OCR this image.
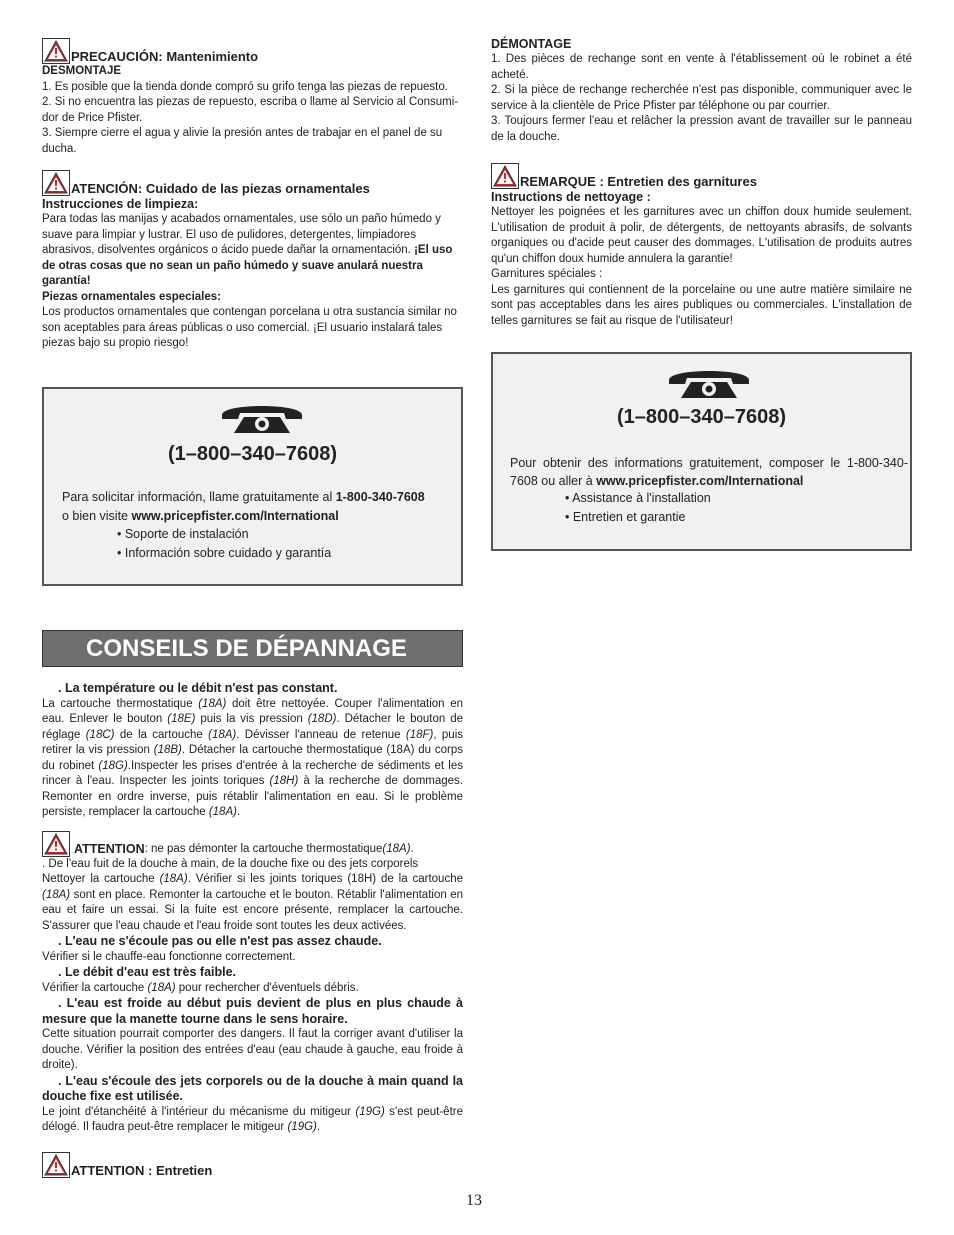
PRECAUCIÓN: Mantenimiento

DESMONTAJE

1. Es posible que la tienda donde compró su grifo tenga las piezas de repuesto.

2. Si no encuentra las piezas de repuesto, escriba o llame al Servicio al Consumi-dor de Price Pfister.

3. Siempre cierre el agua y alivie la presión antes de trabajar en el panel de su ducha.

ATENCIÓN: Cuidado de las piezas ornamentales

Instrucciones de limpieza:

Para todas las manijas y acabados ornamentales, use sólo un paño húmedo y suave para limpiar y lustrar. El uso de pulidores, detergentes, limpiadores abrasivos, disolventes orgánicos o ácido puede dañar la ornamentación. ¡El uso de otras cosas que no sean un paño húmedo y suave anulará nuestra garantía!

Piezas ornamentales especiales:

Los productos ornamentales que contengan porcelana u otra sustancia similar no son aceptables para áreas públicas o uso comercial. ¡El usuario instalará tales piezas bajo su propio riesgo!

(1–800–340–7608)
Para solicitar información, llame gratuitamente al 1-800-340-7608
o bien visite www.pricepfister.com/International
• Soporte de instalación
• Información sobre cuidado y garantía

DÉMONTAGE

1. Des pièces de rechange sont en vente à l'établissement où le robinet a été acheté.

2. Si la pièce de rechange recherchée n'est pas disponible, communiquer avec le service à la clientèle de Price Pfister par téléphone ou par courrier.

3. Toujours fermer l'eau et relâcher la pression avant de travailler sur le panneau de la douche.

REMARQUE : Entretien des garnitures

Instructions de nettoyage :

Nettoyer les poignées et les garnitures avec un chiffon doux humide seulement. L'utilisation de produit à polir, de détergents, de nettoyants abrasifs, de solvants organiques ou d'acide peut causer des dommages. L'utilisation de produits autres qu'un chiffon doux humide annulera la garantie!

Garnitures spéciales :

Les garnitures qui contiennent de la porcelaine ou une autre matière similaire ne sont pas acceptables dans les aires publiques ou commerciales. L'installation de telles garnitures se fait au risque de l'utilisateur!

(1–800–340–7608)
Pour obtenir des informations gratuitement, composer le 1-800-340-7608 ou aller à www.pricepfister.com/International
• Assistance à l'installation
• Entretien et garantie
CONSEILS DE DÉPANNAGE

. La température ou le débit n'est pas constant.

La cartouche thermostatique (18A) doit être nettoyée. Couper l'alimentation en eau. Enlever le bouton (18E) puis la vis pression (18D). Détacher le bouton de réglage (18C) de la cartouche (18A). Dévisser l'anneau de retenue (18F), puis retirer la vis pression (18B). Détacher la cartouche thermostatique (18A) du corps du robinet (18G).Inspecter les prises d'entrée à la recherche de sédiments et les rincer à l'eau. Inspecter les joints toriques (18H) à la recherche de dommages. Remonter en ordre inverse, puis rétablir l'alimentation en eau. Si le problème persiste, remplacer la cartouche (18A).

ATTENTION : ne pas démonter la cartouche thermostatique (18A) .

. De l'eau fuit de la douche à main, de la douche fixe ou des jets corporels

Nettoyer la cartouche (18A). Vérifier si les joints toriques (18H) de la cartouche (18A) sont en place. Remonter la cartouche et le bouton. Rétablir l'alimentation en eau et faire un essai. Si la fuite est encore présente, remplacer la cartouche. S'assurer que l'eau chaude et l'eau froide sont toutes les deux activées.

. L'eau ne s'écoule pas ou elle n'est pas assez chaude.

Vérifier si le chauffe-eau fonctionne correctement.

. Le débit d'eau est très faible.

Vérifier la cartouche (18A) pour rechercher d'éventuels débris.

. L'eau est froide au début puis devient de plus en plus chaude à mesure que la manette tourne dans le sens horaire.

Cette situation pourrait comporter des dangers. Il faut la corriger avant d'utiliser la douche. Vérifier la position des entrées d'eau (eau chaude à gauche, eau froide à droite).

. L'eau s'écoule des jets corporels ou de la douche à main quand la douche fixe est utilisée.

Le joint d'étanchéité à l'intérieur du mécanisme du mitigeur (19G) s'est peut-être délogé. Il faudra peut-être remplacer le mitigeur (19G).

ATTENTION : Entretien
13
